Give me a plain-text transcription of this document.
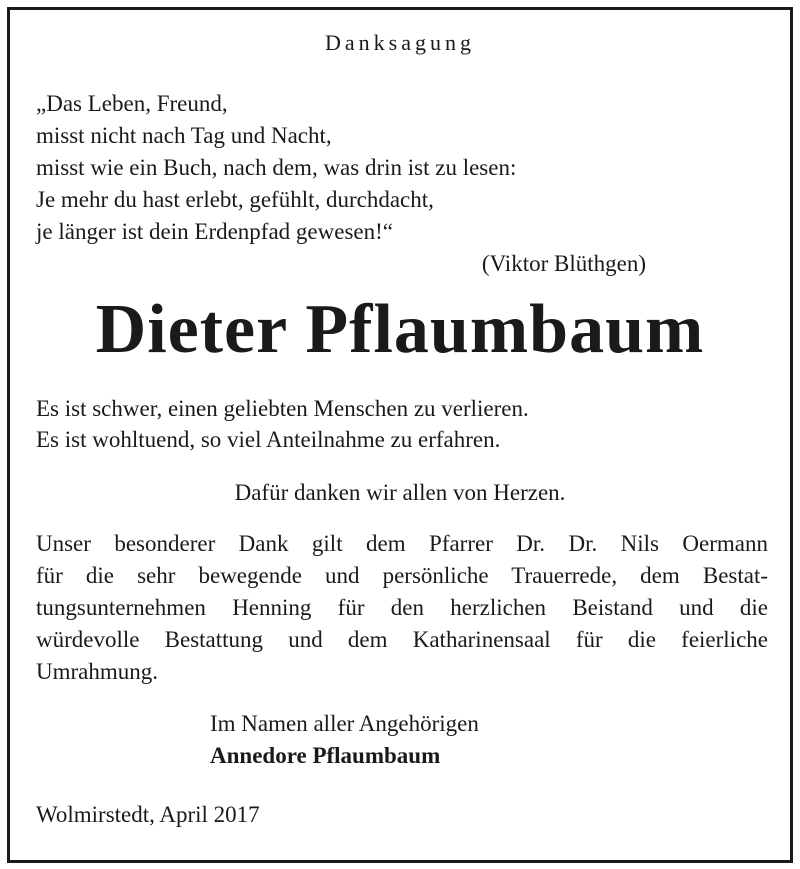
Danksagung
„Das Leben, Freund,
misst nicht nach Tag und Nacht,
misst wie ein Buch, nach dem, was drin ist zu lesen:
Je mehr du hast erlebt, gefühlt, durchdacht,
je länger ist dein Erdenpfad gewesen!“
(Viktor Blüthgen)
Dieter Pflaumbaum
Es ist schwer, einen geliebten Menschen zu verlieren.
Es ist wohltuend, so viel Anteilnahme zu erfahren.
Dafür danken wir allen von Herzen.
Unser besonderer Dank gilt dem Pfarrer Dr. Dr. Nils Oermann
für die sehr bewegende und persönliche Trauerrede, dem Bestat-
tungsunternehmen Henning für den herzlichen Beistand und die
würdevolle Bestattung und dem Katharinensaal für die feierliche
Umrahmung.
Im Namen aller Angehörigen
Annedore Pflaumbaum
Wolmirstedt, April 2017
